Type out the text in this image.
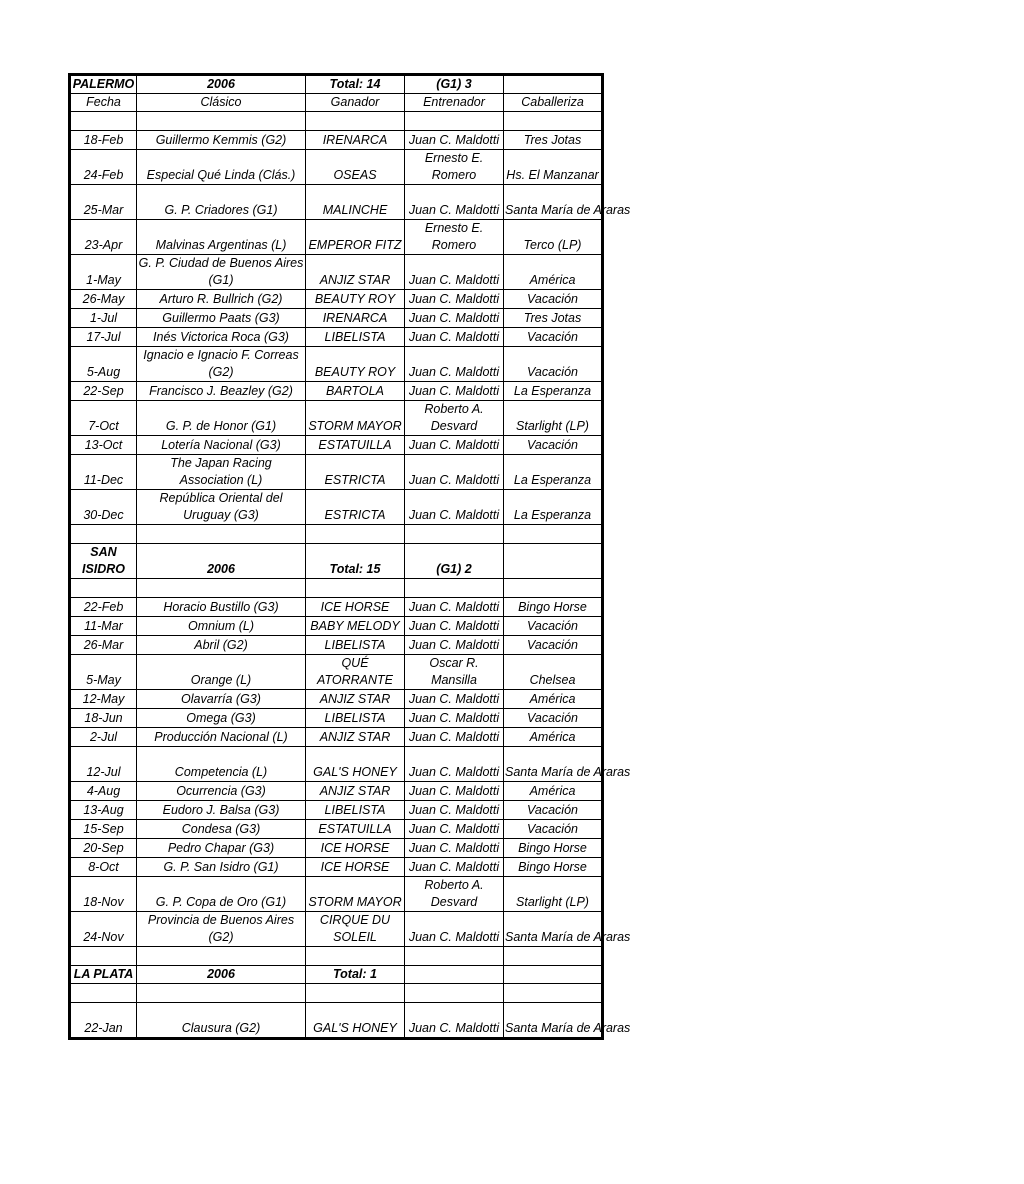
PALERMO	2006	Total: 14	(G1) 3	
Fecha	Clásico	Ganador	Entrenador	Caballeriza

18-Feb	Guillermo Kemmis (G2)	IRENARCA	Juan C. Maldotti	Tres Jotas
24-Feb	Especial Qué Linda (Clás.)	OSEAS	Ernesto E. Romero	Hs. El Manzanar
25-Mar	G. P. Criadores (G1)	MALINCHE	Juan C. Maldotti	Santa María de Araras
23-Apr	Malvinas Argentinas (L)	EMPEROR FITZ	Ernesto E. Romero	Terco (LP)
1-May	G. P. Ciudad de Buenos Aires (G1)	ANJIZ STAR	Juan C. Maldotti	América
26-May	Arturo R. Bullrich (G2)	BEAUTY ROY	Juan C. Maldotti	Vacación
1-Jul	Guillermo Paats (G3)	IRENARCA	Juan C. Maldotti	Tres Jotas
17-Jul	Inés Victorica Roca (G3)	LIBELISTA	Juan C. Maldotti	Vacación
5-Aug	Ignacio e Ignacio F. Correas (G2)	BEAUTY ROY	Juan C. Maldotti	Vacación
22-Sep	Francisco J. Beazley (G2)	BARTOLA	Juan C. Maldotti	La Esperanza
7-Oct	G. P. de Honor (G1)	STORM MAYOR	Roberto A. Desvard	Starlight (LP)
13-Oct	Lotería Nacional (G3)	ESTATUILLA	Juan C. Maldotti	Vacación
11-Dec	The Japan Racing Association (L)	ESTRICTA	Juan C. Maldotti	La Esperanza
30-Dec	República Oriental del Uruguay (G3)	ESTRICTA	Juan C. Maldotti	La Esperanza

SAN ISIDRO	2006	Total: 15	(G1) 2	

22-Feb	Horacio Bustillo (G3)	ICE HORSE	Juan C. Maldotti	Bingo Horse
11-Mar	Omnium (L)	BABY MELODY	Juan C. Maldotti	Vacación
26-Mar	Abril (G2)	LIBELISTA	Juan C. Maldotti	Vacación
5-May	Orange (L)	QUÉ ATORRANTE	Oscar R. Mansilla	Chelsea
12-May	Olavarría (G3)	ANJIZ STAR	Juan C. Maldotti	América
18-Jun	Omega (G3)	LIBELISTA	Juan C. Maldotti	Vacación
2-Jul	Producción Nacional (L)	ANJIZ STAR	Juan C. Maldotti	América
12-Jul	Competencia (L)	GAL'S HONEY	Juan C. Maldotti	Santa María de Araras
4-Aug	Ocurrencia (G3)	ANJIZ STAR	Juan C. Maldotti	América
13-Aug	Eudoro J. Balsa (G3)	LIBELISTA	Juan C. Maldotti	Vacación
15-Sep	Condesa (G3)	ESTATUILLA	Juan C. Maldotti	Vacación
20-Sep	Pedro Chapar (G3)	ICE HORSE	Juan C. Maldotti	Bingo Horse
8-Oct	G. P. San Isidro (G1)	ICE HORSE	Juan C. Maldotti	Bingo Horse
18-Nov	G. P. Copa de Oro (G1)	STORM MAYOR	Roberto A. Desvard	Starlight (LP)
24-Nov	Provincia de Buenos Aires (G2)	CIRQUE DU SOLEIL	Juan C. Maldotti	Santa María de Araras

LA PLATA	2006	Total: 1		

22-Jan	Clausura (G2)	GAL'S HONEY	Juan C. Maldotti	Santa María de Araras
